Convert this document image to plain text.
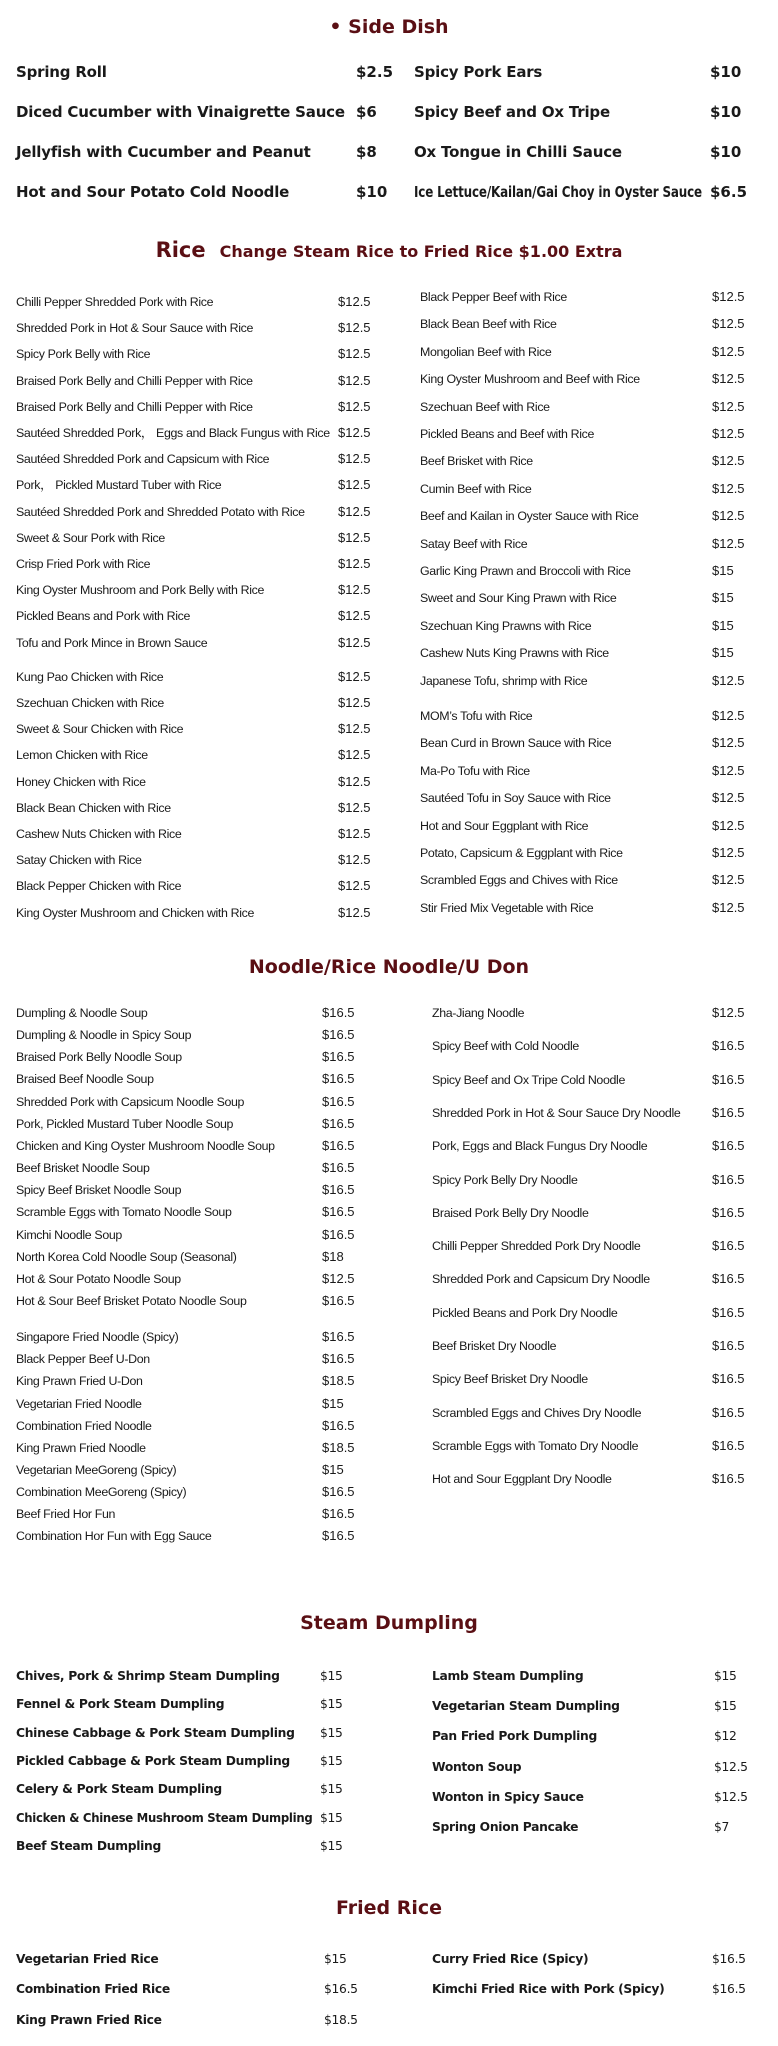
• Side Dish
Spring Roll	$2.5
Diced Cucumber with Vinaigrette Sauce $6
Jellyfish with Cucumber and Peanut	$8
Hot and Sour Potato Cold Noodle	$10
Spicy Pork Ears	$10
Spicy Beef and Ox Tripe	$10
Ox Tongue in Chilli Sauce	$10
Ice Lettuce/Kailan/Gai Choy in Oyster Sauce $6.5
Rice Change Steam Rice to Fried Rice $1.00 Extra
Chilli Pepper Shredded Pork with Rice	$12.5
Shredded Pork in Hot & Sour Sauce with Rice	$12.5
Spicy Pork Belly with Rice	$12.5
Braised Pork Belly and Chilli Pepper with Rice	$12.5
Braised Pork Belly and Chilli Pepper with Rice	$12.5
Sautéed Shredded Pork， Eggs and Black Fungus with Rice $12.5
Sautéed Shredded Pork and Capsicum with Rice	$12.5
Pork， Pickled Mustard Tuber with Rice	$12.5
Sautéed Shredded Pork and Shredded Potato with Rice	$12.5
Sweet & Sour Pork with Rice	$12.5
Crisp Fried Pork with Rice	$12.5
King Oyster Mushroom and Pork Belly with Rice	$12.5
Pickled Beans and Pork with Rice	$12.5
Tofu and Pork Mince in Brown Sauce	$12.5
Kung Pao Chicken with Rice	$12.5
Szechuan Chicken with Rice	$12.5
Sweet & Sour Chicken with Rice	$12.5
Lemon Chicken with Rice	$12.5
Honey Chicken with Rice	$12.5
Black Bean Chicken with Rice	$12.5
Cashew Nuts Chicken with Rice	$12.5
Satay Chicken with Rice	$12.5
Black Pepper Chicken with Rice	$12.5
King Oyster Mushroom and Chicken with Rice	$12.5
Black Pepper Beef with Rice	$12.5
Black Bean Beef with Rice	$12.5
Mongolian Beef with Rice	$12.5
King Oyster Mushroom and Beef with Rice	$12.5
Szechuan Beef with Rice	$12.5
Pickled Beans and Beef with Rice	$12.5
Beef Brisket with Rice	$12.5
Cumin Beef with Rice	$12.5
Beef and Kailan in Oyster Sauce with Rice	$12.5
Satay Beef with Rice	$12.5
Garlic King Prawn and Broccoli with Rice	$15
Sweet and Sour King Prawn with Rice	$15
Szechuan King Prawns with Rice	$15
Cashew Nuts King Prawns with Rice	$15
Japanese Tofu, shrimp with Rice	$12.5
MOM’s Tofu with Rice	$12.5
Bean Curd in Brown Sauce with Rice	$12.5
Ma-Po Tofu with Rice	$12.5
Sautéed Tofu in Soy Sauce with Rice	$12.5
Hot and Sour Eggplant with Rice	$12.5
Potato, Capsicum & Eggplant with Rice	$12.5
Scrambled Eggs and Chives with Rice	$12.5
Stir Fried Mix Vegetable with Rice	$12.5
Noodle/Rice Noodle/U Don
Dumpling & Noodle Soup	$16.5
Dumpling & Noodle in Spicy Soup	$16.5
Braised Pork Belly Noodle Soup	$16.5
Braised Beef Noodle Soup	$16.5
Shredded Pork with Capsicum Noodle Soup	$16.5
Pork, Pickled Mustard Tuber Noodle Soup	$16.5
Chicken and King Oyster Mushroom Noodle Soup	$16.5
Beef Brisket Noodle Soup	$16.5
Spicy Beef Brisket Noodle Soup	$16.5
Scramble Eggs with Tomato Noodle Soup	$16.5
Kimchi Noodle Soup	$16.5
North Korea Cold Noodle Soup (Seasonal)	$18
Hot & Sour Potato Noodle Soup	$12.5
Hot & Sour Beef Brisket Potato Noodle Soup	$16.5
Singapore Fried Noodle (Spicy)	$16.5
Black Pepper Beef U-Don	$16.5
King Prawn Fried U-Don	$18.5
Vegetarian Fried Noodle	$15
Combination Fried Noodle	$16.5
King Prawn Fried Noodle	$18.5
Vegetarian MeeGoreng (Spicy)	$15
Combination MeeGoreng (Spicy)	$16.5
Beef Fried Hor Fun	$16.5
Combination Hor Fun with Egg Sauce	$16.5
Zha-Jiang Noodle	$12.5
Spicy Beef with Cold Noodle	$16.5
Spicy Beef and Ox Tripe Cold Noodle	$16.5
Shredded Pork in Hot & Sour Sauce Dry Noodle $16.5
Pork, Eggs and Black Fungus Dry Noodle	$16.5
Spicy Pork Belly Dry Noodle	$16.5
Braised Pork Belly Dry Noodle	$16.5
Chilli Pepper Shredded Pork Dry Noodle	$16.5
Shredded Pork and Capsicum Dry Noodle	$16.5
Pickled Beans and Pork Dry Noodle	$16.5
Beef Brisket Dry Noodle	$16.5
Spicy Beef Brisket Dry Noodle	$16.5
Scrambled Eggs and Chives Dry Noodle	$16.5
Scramble Eggs with Tomato Dry Noodle	$16.5
Hot and Sour Eggplant Dry Noodle	$16.5
Steam Dumpling
Chives, Pork & Shrimp Steam Dumpling	$15
Fennel & Pork Steam Dumpling	$15
Chinese Cabbage & Pork Steam Dumpling $15
Pickled Cabbage & Pork Steam Dumpling $15
Celery & Pork Steam Dumpling	$15
Chicken & Chinese Mushroom Steam Dumpling $15
Beef Steam Dumpling	$15
Lamb Steam Dumpling	$15
Vegetarian Steam Dumpling	$15
Pan Fried Pork Dumpling	$12
Wonton Soup	$12.5
Wonton in Spicy Sauce	$12.5
Spring Onion Pancake	$7
Fried Rice
Vegetarian Fried Rice	$15
Combination Fried Rice	$16.5
King Prawn Fried Rice	$18.5
Curry Fried Rice (Spicy)	$16.5
Kimchi Fried Rice with Pork (Spicy)	$16.5
